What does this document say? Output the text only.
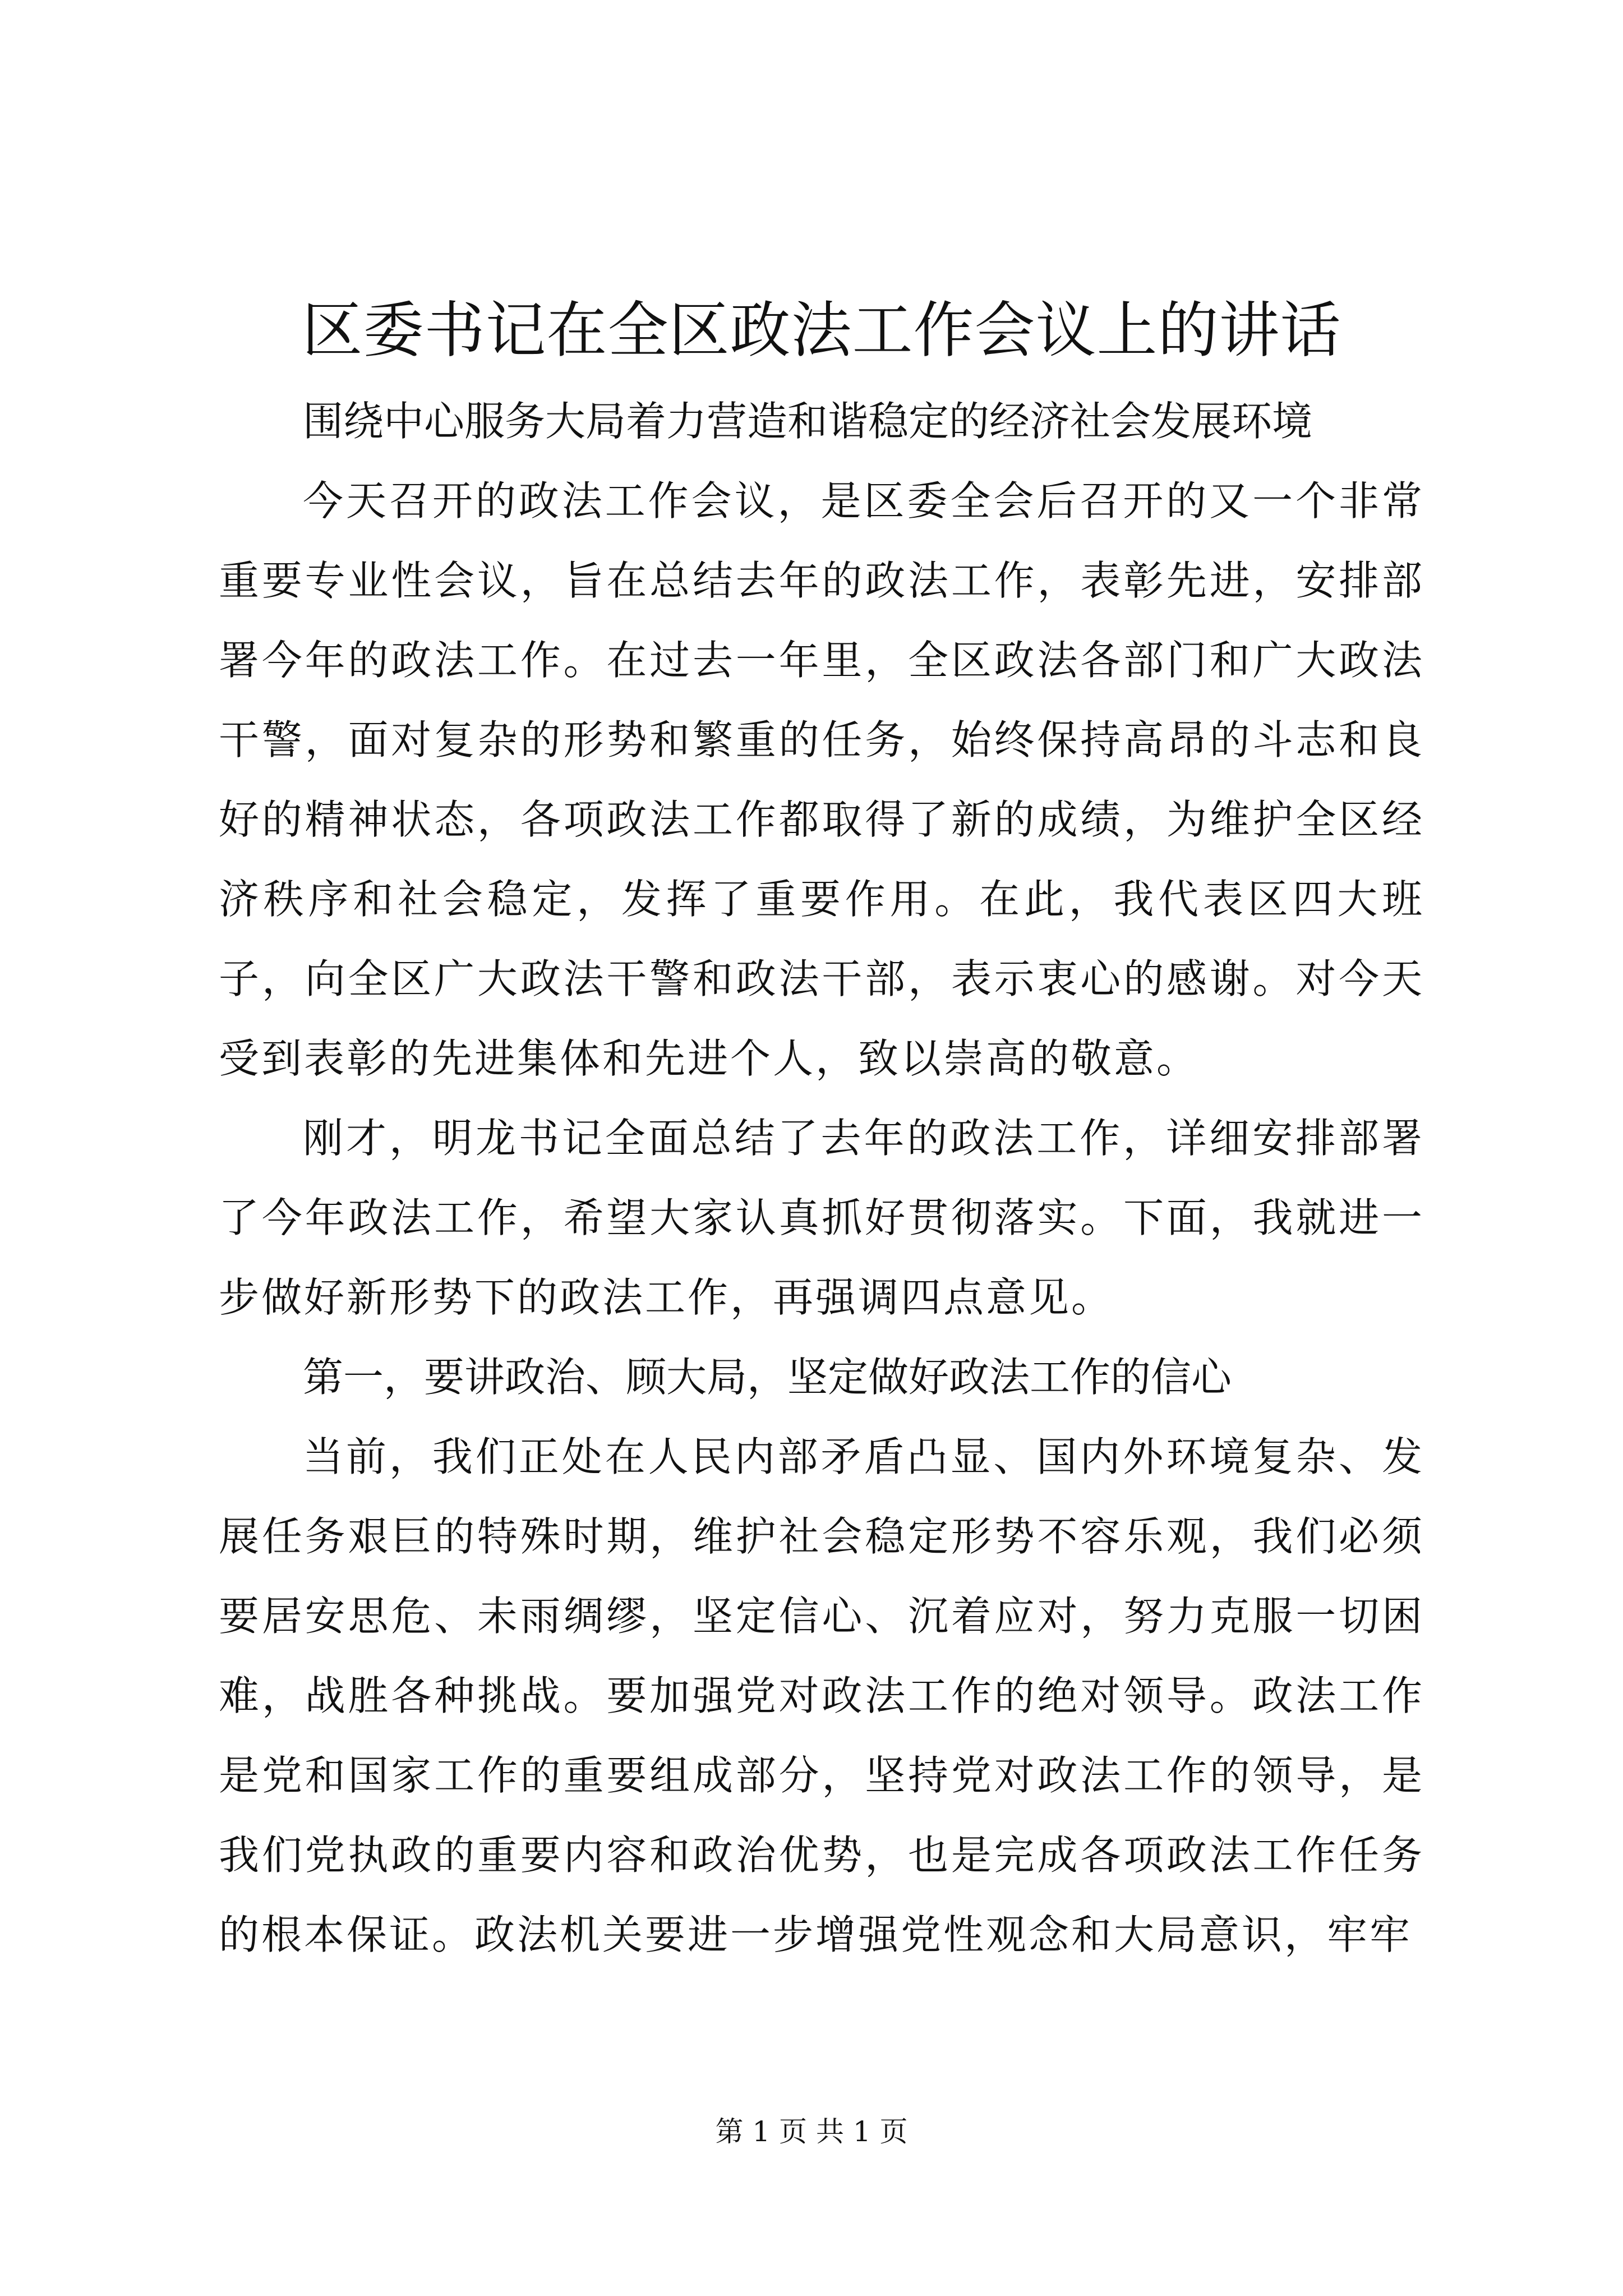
区委书记在全区政法工作会议上的讲话

围绕中心服务大局着力营造和谐稳定的经济社会发展环境

今天召开的政法工作会议，是区委全会后召开的又一个非常重要专业性会议，旨在总结去年的政法工作，表彰先进，安排部署今年的政法工作。在过去一年里，全区政法各部门和广大政法干警，面对复杂的形势和繁重的任务，始终保持高昂的斗志和良好的精神状态，各项政法工作都取得了新的成绩，为维护全区经济秩序和社会稳定，发挥了重要作用。在此，我代表区四大班子，向全区广大政法干警和政法干部，表示衷心的感谢。对今天受到表彰的先进集体和先进个人，致以崇高的敬意。

刚才，明龙书记全面总结了去年的政法工作，详细安排部署了今年政法工作，希望大家认真抓好贯彻落实。下面，我就进一步做好新形势下的政法工作，再强调四点意见。

第一，要讲政治、顾大局，坚定做好政法工作的信心

当前，我们正处在人民内部矛盾凸显、国内外环境复杂、发展任务艰巨的特殊时期，维护社会稳定形势不容乐观，我们必须要居安思危、未雨绸缪，坚定信心、沉着应对，努力克服一切困难，战胜各种挑战。要加强党对政法工作的绝对领导。政法工作是党和国家工作的重要组成部分，坚持党对政法工作的领导，是我们党执政的重要内容和政治优势，也是完成各项政法工作任务的根本保证。政法机关要进一步增强党性观念和大局意识，牢牢

第 1 页 共 1 页
